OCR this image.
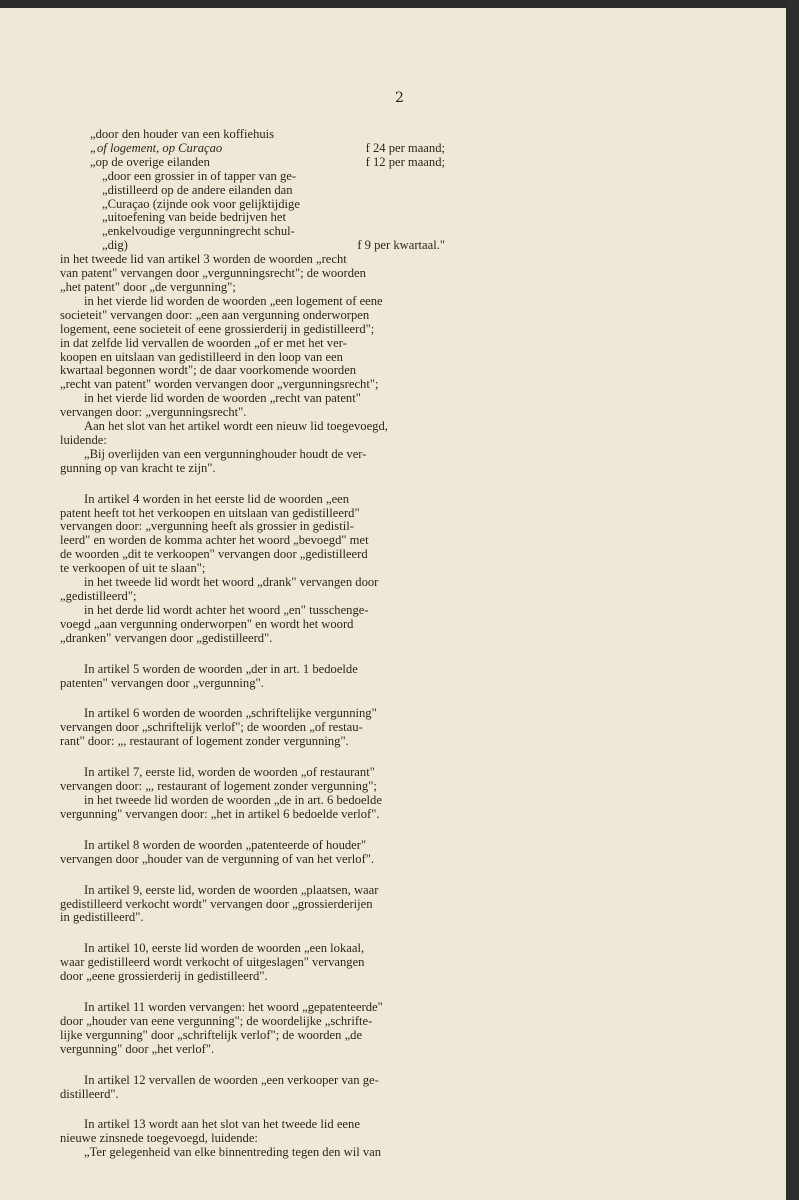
2
„door den houder van een koffiehuis
„of logement, op Curaçao	f 24 per maand;
„op de overige eilanden	f 12 per maand;
„door een grossier in of tapper van ge-
„distilleerd op de andere eilanden dan
„Curaçao (zijnde ook voor gelijktijdige
„uitoefening van beide bedrijven het
„enkelvoudige vergunningrecht schul-
„dig)	f 9 per kwartaal."

in het tweede lid van artikel 3 worden de woorden „recht

van patent" vervangen door „vergunningsrecht"; de woorden

„het patent" door „de vergunning";

in het vierde lid worden de woorden „een logement of eene

societeit" vervangen door: „een aan vergunning onderworpen

logement, eene societeit of eene grossierderij in gedistilleerd";

in dat zelfde lid vervallen de woorden „of er met het ver-

koopen en uitslaan van gedistilleerd in den loop van een

kwartaal begonnen wordt"; de daar voorkomende woorden

„recht van patent" worden vervangen door „vergunningsrecht";

in het vierde lid worden de woorden „recht van patent"

vervangen door: „vergunningsrecht".

Aan het slot van het artikel wordt een nieuw lid toegevoegd,

luidende:

„Bij overlijden van een vergunninghouder houdt de ver-

gunning op van kracht te zijn".

In artikel 4 worden in het eerste lid de woorden „een

patent heeft tot het verkoopen en uitslaan van gedistilleerd"

vervangen door: „vergunning heeft als grossier in gedistil-

leerd" en worden de komma achter het woord „bevoegd" met

de woorden „dit te verkoopen" vervangen door „gedistilleerd

te verkoopen of uit te slaan";

in het tweede lid wordt het woord „drank" vervangen door

„gedistilleerd";

in het derde lid wordt achter het woord „en" tusschenge-

voegd „aan vergunning onderworpen" en wordt het woord

„dranken" vervangen door „gedistilleerd".

In artikel 5 worden de woorden „der in art. 1 bedoelde

patenten" vervangen door „vergunning".

In artikel 6 worden de woorden „schriftelijke vergunning"

vervangen door „schriftelijk verlof"; de woorden „of restau-

rant" door: „, restaurant of logement zonder vergunning".

In artikel 7, eerste lid, worden de woorden „of restaurant"

vervangen door: „, restaurant of logement zonder vergunning";

in het tweede lid worden de woorden „de in art. 6 bedoelde

vergunning" vervangen door: „het in artikel 6 bedoelde verlof".

In artikel 8 worden de woorden „patenteerde of houder"

vervangen door „houder van de vergunning of van het verlof".

In artikel 9, eerste lid, worden de woorden „plaatsen, waar

gedistilleerd verkocht wordt" vervangen door „grossierderijen

in gedistilleerd".

In artikel 10, eerste lid worden de woorden „een lokaal,

waar gedistilleerd wordt verkocht of uitgeslagen" vervangen

door „eene grossierderij in gedistilleerd".

In artikel 11 worden vervangen: het woord „gepatenteerde"

door „houder van eene vergunning"; de woordelijke „schrifte-

lijke vergunning" door „schriftelijk verlof"; de woorden „de

vergunning" door „het verlof".

In artikel 12 vervallen de woorden „een verkooper van ge-

distilleerd".

In artikel 13 wordt aan het slot van het tweede lid eene

nieuwe zinsnede toegevoegd, luidende:

„Ter gelegenheid van elke binnentreding tegen den wil van
